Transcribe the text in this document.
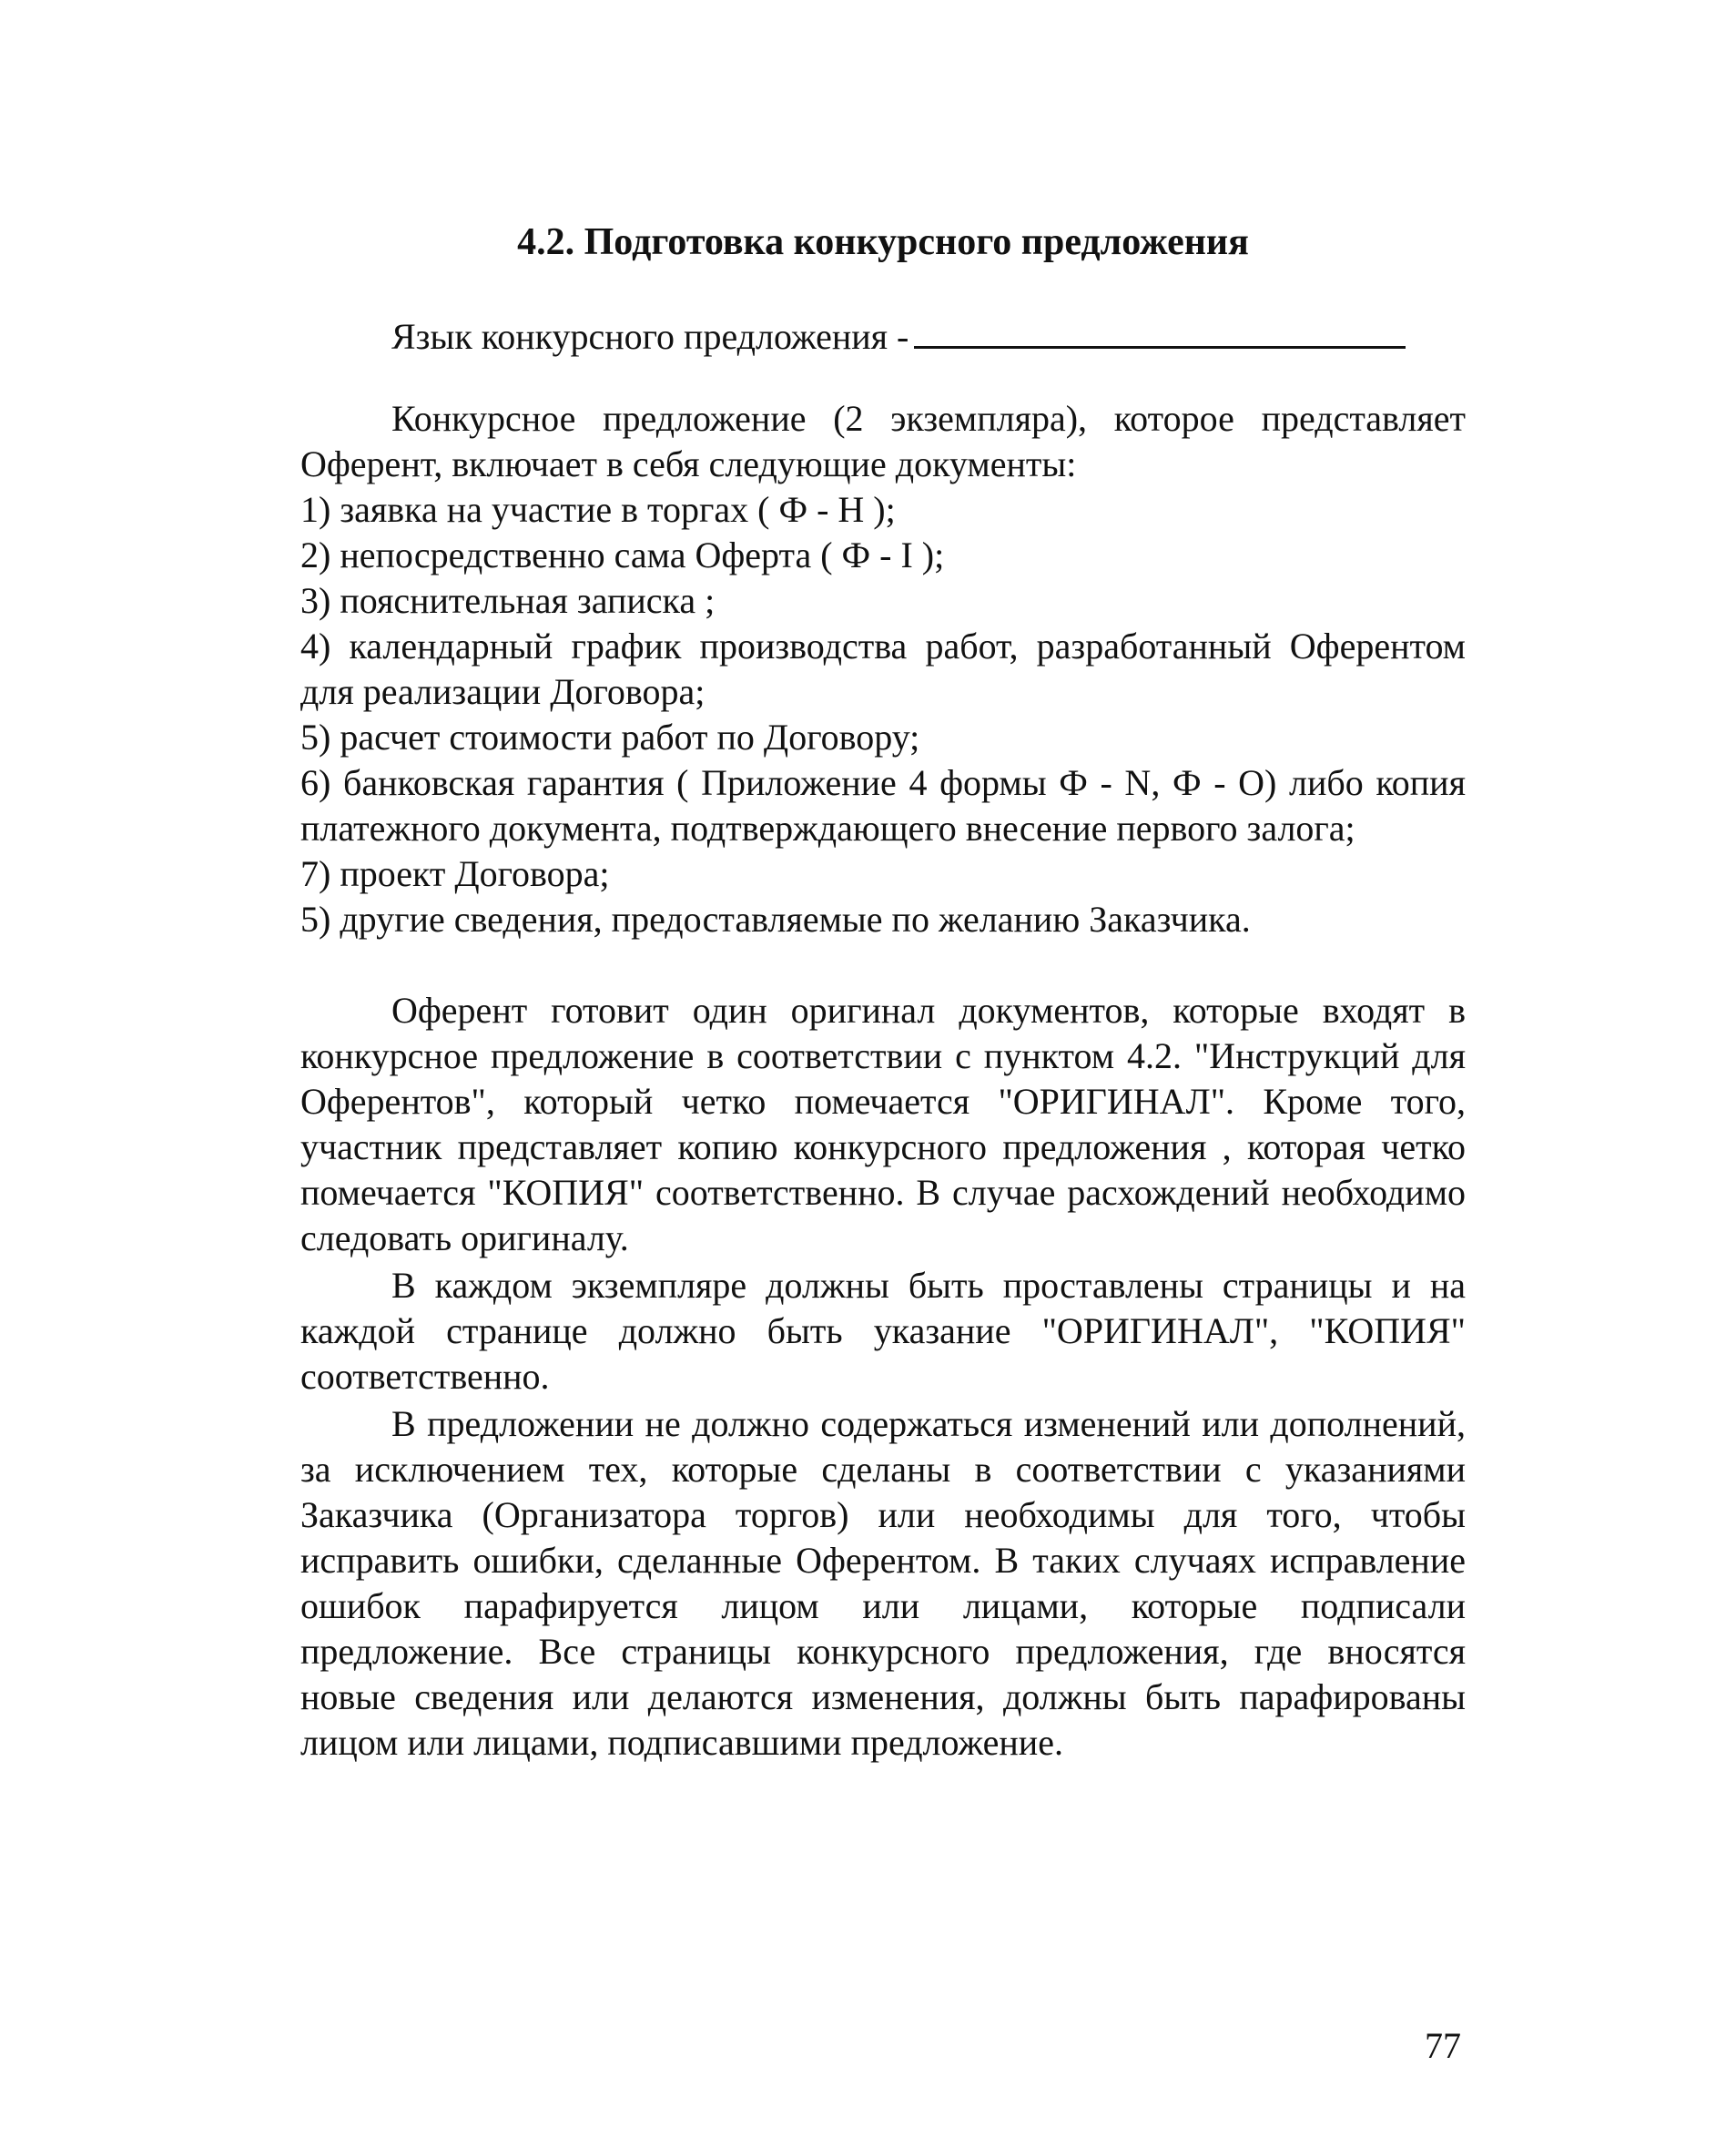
4.2. Подготовка конкурсного предложения
Язык конкурсного предложения -

Конкурсное предложение (2 экземпляра), которое представляет Оферент, включает в себя следующие документы:

1) заявка на участие в торгах ( Ф - Н );
2) непосредственно сама Оферта ( Ф - I );
3) пояснительная записка ;
4) календарный график производства работ, разработанный Оферентом для реализации Договора;
5) расчет стоимости работ по Договору;
6) банковская гарантия ( Приложение 4 формы Ф - N, Ф - О) либо копия платежного документа, подтверждающего внесение первого залога;
7) проект Договора;
5) другие сведения, предоставляемые по желанию Заказчика.

Оферент готовит один оригинал документов, которые входят в конкурсное предложение в соответствии с пунктом 4.2. "Инструкций для Оферентов", который четко помечается "ОРИГИНАЛ". Кроме того, участник представляет копию конкурсного предложения , которая четко помечается "КОПИЯ" соответственно. В случае расхождений необходимо следовать оригиналу.

В каждом экземпляре должны быть проставлены страницы и на каждой странице должно быть указание "ОРИГИНАЛ", "КОПИЯ" соответственно.

В предложении не должно содержаться изменений или дополнений, за исключением тех, которые сделаны в соответствии с указаниями Заказчика (Организатора торгов) или необходимы для того, чтобы исправить ошибки, сделанные Оферентом. В таких случаях исправление ошибок парафируется лицом или лицами, которые подписали предложение. Все страницы конкурсного предложения, где вносятся новые сведения или делаются изменения, должны быть парафированы лицом или лицами, подписавшими предложение.

77
